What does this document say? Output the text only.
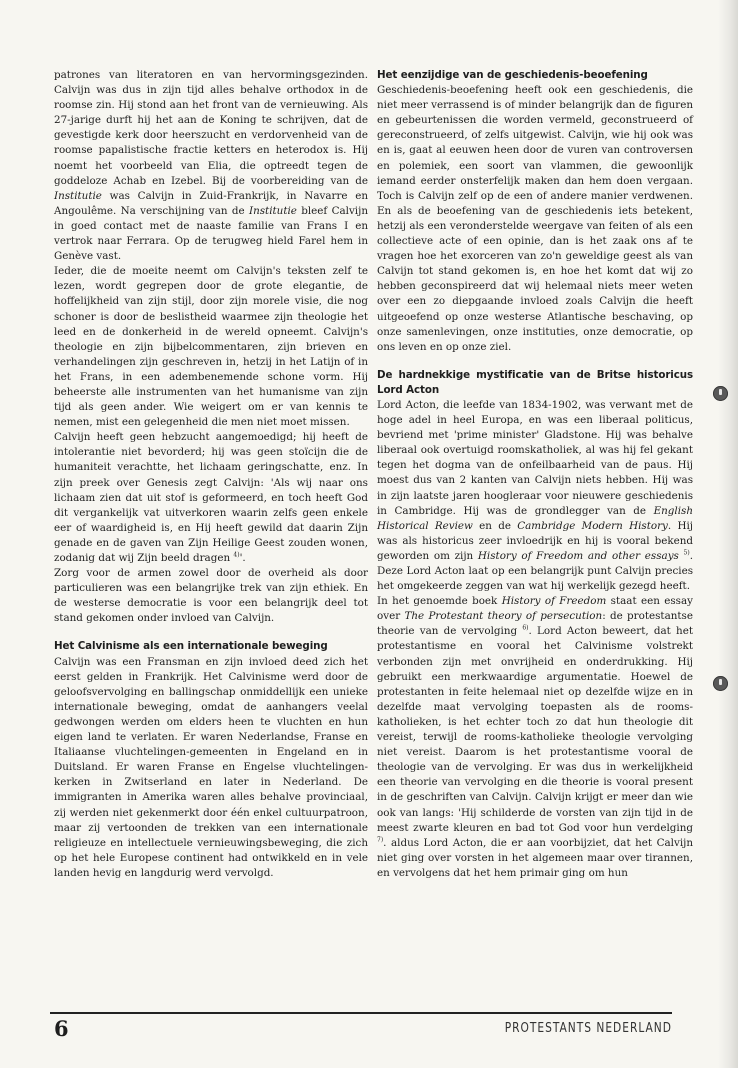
patrones van literatoren en van hervormingsgezinden. Calvijn was dus in zijn tijd alles behalve orthodox in de roomse zin. Hij stond aan het front van de vernieuwing. Als 27-jarige durft hij het aan de Koning te schrijven, dat de gevestigde kerk door heerszucht en verdorvenheid van de roomse papalistische fractie ketters en heterodox is. Hij noemt het voorbeeld van Elia, die optreedt tegen de goddeloze Achab en Izebel. Bij de voorbereiding van de Institutie was Calvijn in Zuid-Frankrijk, in Navarre en Angoulême. Na verschijning van de Institutie bleef Calvijn in goed contact met de naaste familie van Frans I en vertrok naar Ferrara. Op de terugweg hield Farel hem in Genève vast.

Ieder, die de moeite neemt om Calvijn's teksten zelf te lezen, wordt gegrepen door de grote elegantie, de hoffelijkheid van zijn stijl, door zijn morele visie, die nog schoner is door de beslistheid waarmee zijn theologie het leed en de donkerheid in de wereld opneemt. Calvijn's theologie en zijn bijbelcommentaren, zijn brieven en verhandelingen zijn geschreven in, hetzij in het Latijn of in het Frans, in een adembenemende schone vorm. Hij beheerste alle instrumenten van het humanisme van zijn tijd als geen ander. Wie weigert om er van kennis te nemen, mist een gelegenheid die men niet moet missen.

Calvijn heeft geen hebzucht aangemoedigd; hij heeft de intolerantie niet bevorderd; hij was geen stoïcijn die de humaniteit verachtte, het lichaam geringschatte, enz. In zijn preek over Genesis zegt Calvijn: 'Als wij naar ons lichaam zien dat uit stof is geformeerd, en toch heeft God dit vergankelijk vat uitverkoren waarin zelfs geen enkele eer of waardigheid is, en Hij heeft gewild dat daarin Zijn genade en de gaven van Zijn Heilige Geest zouden wonen, zodanig dat wij Zijn beeld dragen $^{4)}$'.

Zorg voor de armen zowel door de overheid als door particulieren was een belangrijke trek van zijn ethiek. En de westerse democratie is voor een belangrijk deel tot stand gekomen onder invloed van Calvijn.

Het Calvinisme als een internationale beweging

Calvijn was een Fransman en zijn invloed deed zich het eerst gelden in Frankrijk. Het Calvinisme werd door de geloofsvervolging en ballingschap onmiddellijk een unieke internationale beweging, omdat de aanhangers veelal gedwongen werden om elders heen te vluchten en hun eigen land te verlaten. Er waren Nederlandse, Franse en Italiaanse vluchtelingen-gemeenten in Engeland en in Duitsland. Er waren Franse en Engelse vluchtelingen-kerken in Zwitserland en later in Nederland. De immigranten in Amerika waren alles behalve provinciaal, zij werden niet gekenmerkt door één enkel cultuurpatroon, maar zij vertoonden de trekken van een internationale religieuze en intellectuele vernieuwingsbeweging, die zich op het hele Europese continent had ontwikkeld en in vele landen hevig en langdurig werd vervolgd.

Het eenzijdige van de geschiedenis-beoefening

Geschiedenis-beoefening heeft ook een geschiedenis, die niet meer verrassend is of minder belangrijk dan de figuren en gebeurtenissen die worden vermeld, geconstrueerd of gereconstrueerd, of zelfs uitgewist. Calvijn, wie hij ook was en is, gaat al eeuwen heen door de vuren van controversen en polemiek, een soort van vlammen, die gewoonlijk iemand eerder onsterfelijk maken dan hem doen vergaan. Toch is Calvijn zelf op de een of andere manier verdwenen. En als de beoefening van de geschiedenis iets betekent, hetzij als een veronderstelde weergave van feiten of als een collectieve acte of een opinie, dan is het zaak ons af te vragen hoe het exorceren van zo'n geweldige geest als van Calvijn tot stand gekomen is, en hoe het komt dat wij zo hebben geconspireerd dat wij helemaal niets meer weten over een zo diepgaande invloed zoals Calvijn die heeft uitgeoefend op onze westerse Atlantische beschaving, op onze samenlevingen, onze instituties, onze democratie, op ons leven en op onze ziel.

De hardnekkige mystificatie van de Britse historicus Lord Acton

Lord Acton, die leefde van 1834-1902, was verwant met de hoge adel in heel Europa, en was een liberaal politicus, bevriend met 'prime minister' Gladstone. Hij was behalve liberaal ook overtuigd roomskatholiek, al was hij fel gekant tegen het dogma van de onfeilbaarheid van de paus. Hij moest dus van 2 kanten van Calvijn niets hebben. Hij was in zijn laatste jaren hoogleraar voor nieuwere geschiedenis in Cambridge. Hij was de grondlegger van de English Historical Review en de Cambridge Modern History. Hij was als historicus zeer invloedrijk en hij is vooral bekend geworden om zijn History of Freedom and other essays $^{5)}$. Deze Lord Acton laat op een belangrijk punt Calvijn precies het omgekeerde zeggen van wat hij werkelijk gezegd heeft.

In het genoemde boek History of Freedom staat een essay over The Protestant theory of persecution: de protestantse theorie van de vervolging $^{6)}$. Lord Acton beweert, dat het protestantisme en vooral het Calvinisme volstrekt verbonden zijn met onvrijheid en onderdrukking. Hij gebruikt een merkwaardige argumentatie. Hoewel de protestanten in feite helemaal niet op dezelfde wijze en in dezelfde maat vervolging toepasten als de rooms-katholieken, is het echter toch zo dat hun theologie dit vereist, terwijl de rooms-katholieke theologie vervolging niet vereist. Daarom is het protestantisme vooral de theologie van de vervolging. Er was dus in werkelijkheid een theorie van vervolging en die theorie is vooral present in de geschriften van Calvijn. Calvijn krijgt er meer dan wie ook van langs: 'Hij schilderde de vorsten van zijn tijd in de meest zwarte kleuren en bad tot God voor hun verdelging $^{7)}$. aldus Lord Acton, die er aan voorbijziet, dat het Calvijn niet ging over vorsten in het algemeen maar over tirannen, en vervolgens dat het hem primair ging om hun

6	PROTESTANTS NEDERLAND
